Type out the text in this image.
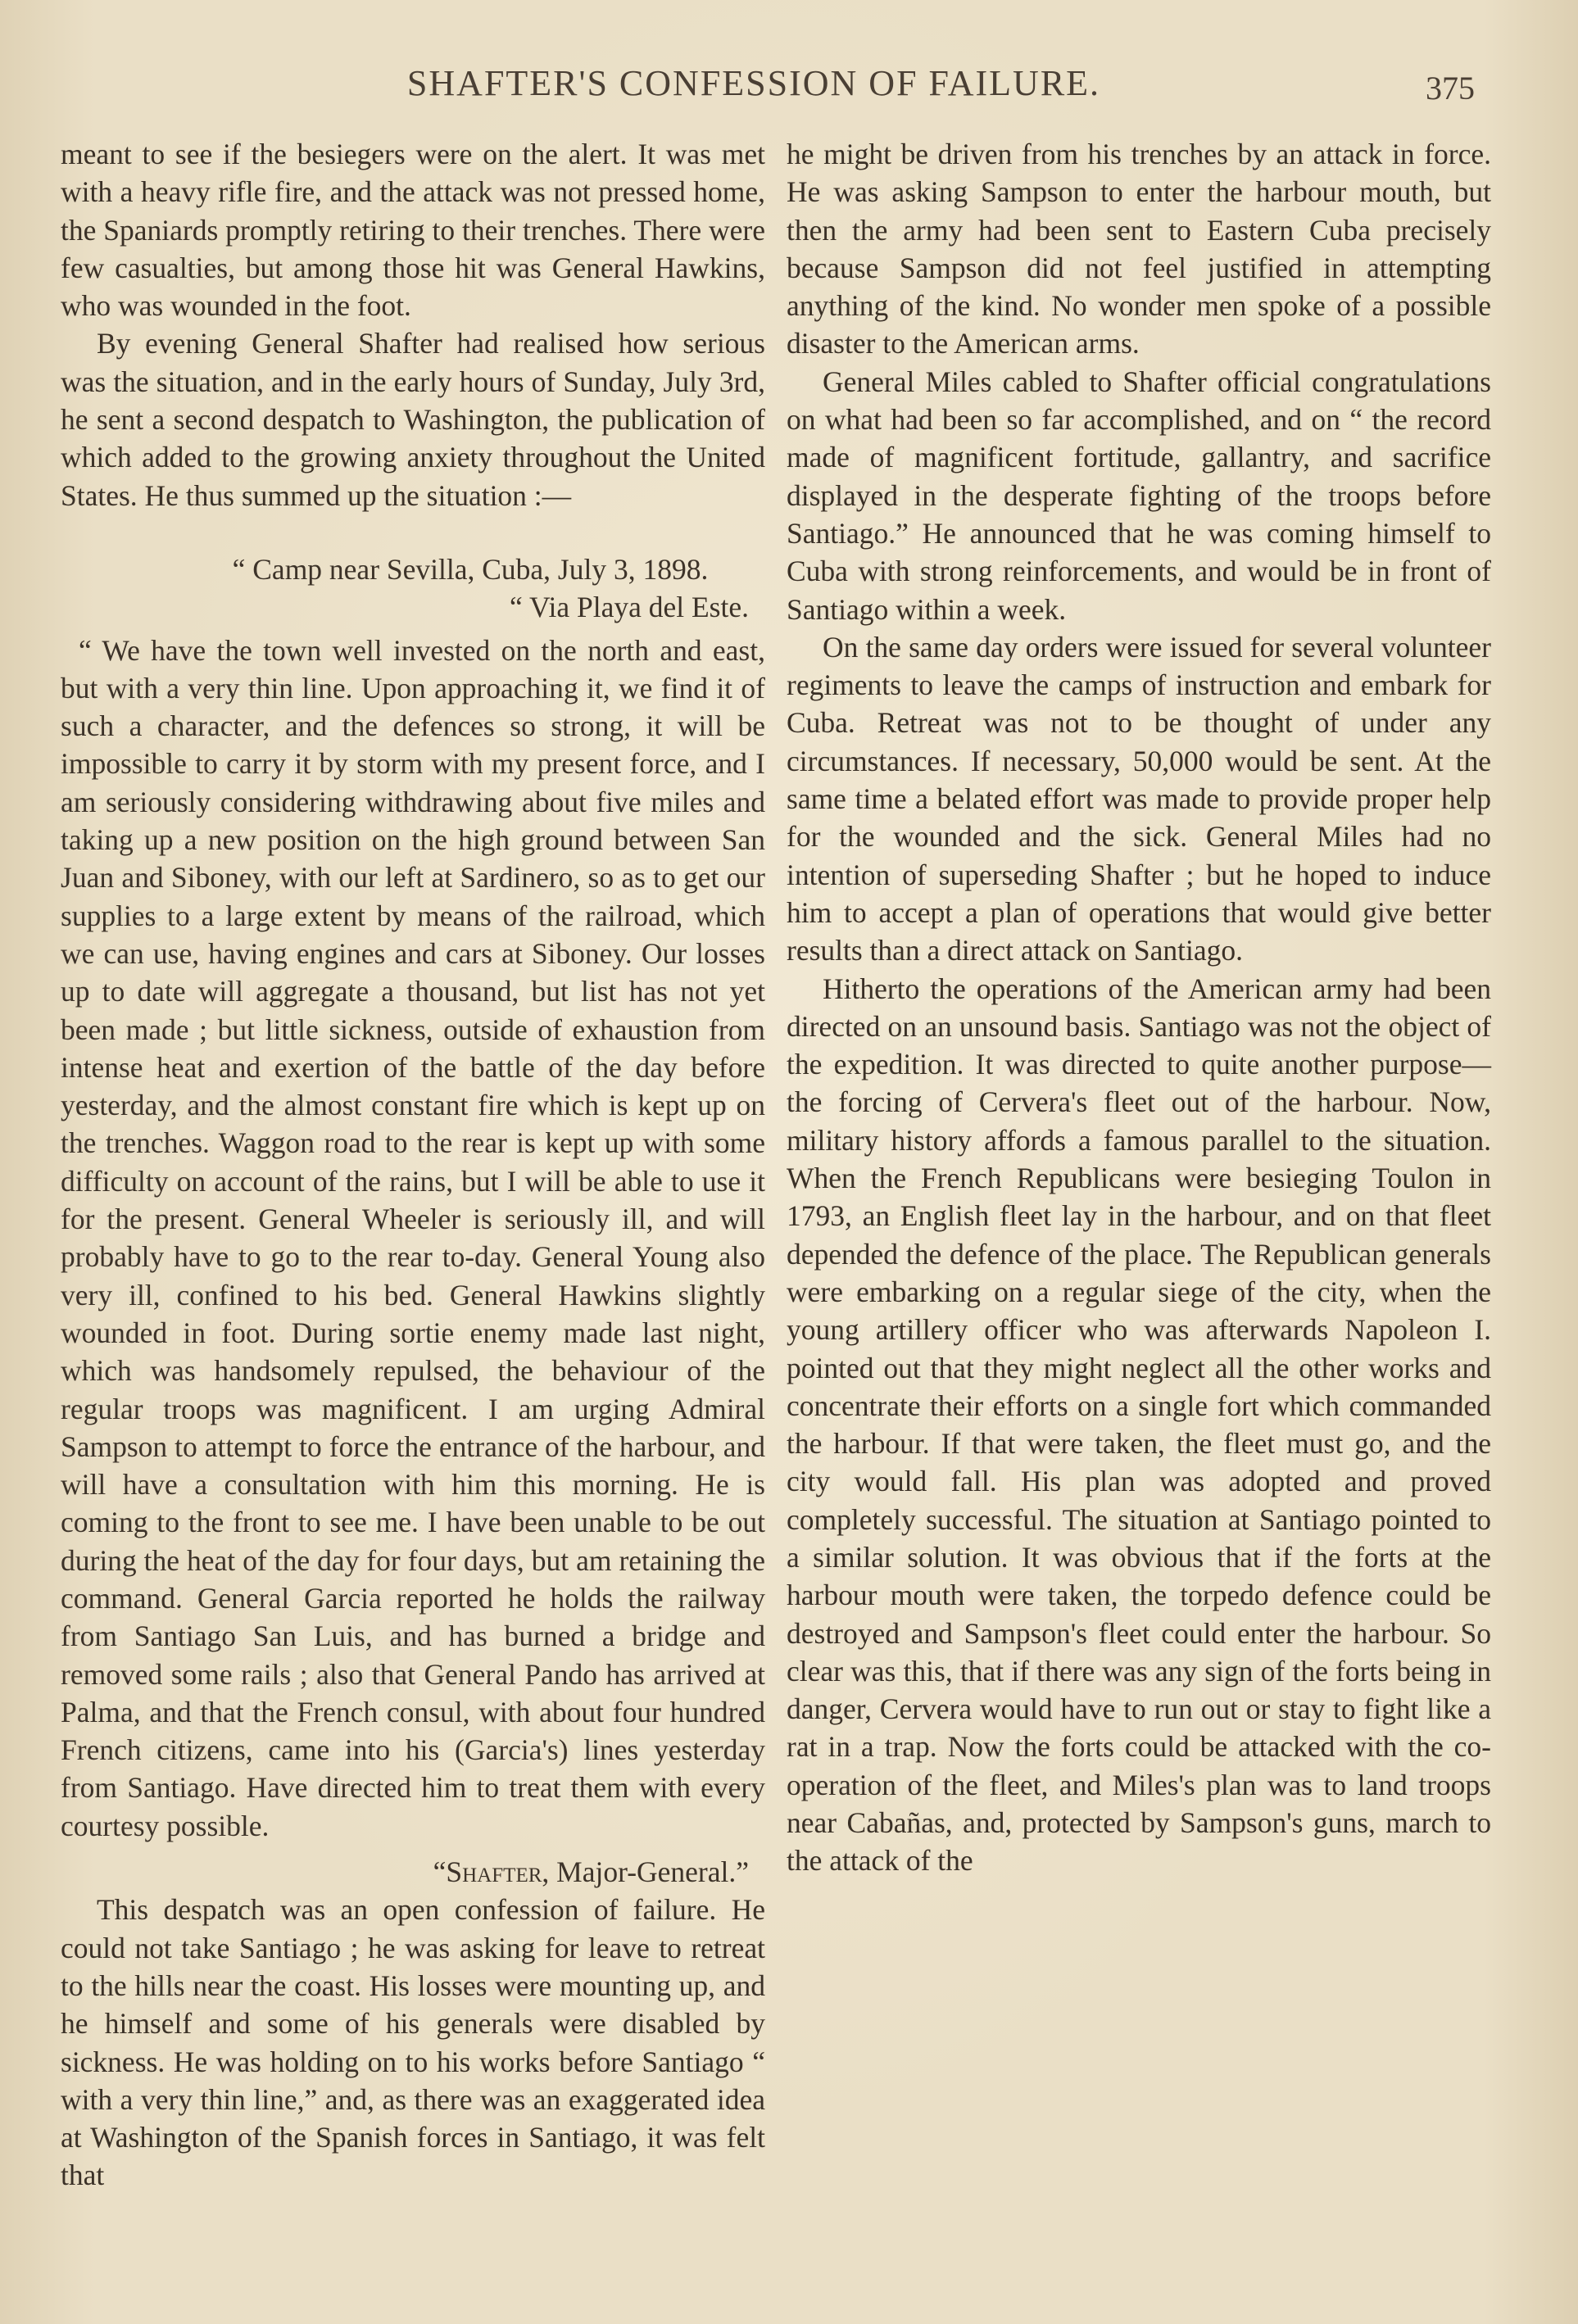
SHAFTER'S CONFESSION OF FAILURE.	375

meant to see if the besiegers were on the alert. It was met with a heavy rifle fire, and the attack was not pressed home, the Spaniards promptly retiring to their trenches. There were few casualties, but among those hit was General Hawkins, who was wounded in the foot.

By evening General Shafter had realised how serious was the situation, and in the early hours of Sunday, July 3rd, he sent a second despatch to Washington, the publication of which added to the growing anxiety throughout the United States. He thus summed up the situation :—

“ Camp near Sevilla, Cuba, July 3, 1898.

“ Via Playa del Este.

“ We have the town well invested on the north and east, but with a very thin line. Upon approaching it, we find it of such a character, and the defences so strong, it will be impossible to carry it by storm with my present force, and I am seriously considering withdrawing about five miles and taking up a new position on the high ground between San Juan and Siboney, with our left at Sardinero, so as to get our supplies to a large extent by means of the railroad, which we can use, having engines and cars at Siboney. Our losses up to date will aggregate a thousand, but list has not yet been made ; but little sickness, outside of exhaustion from intense heat and exertion of the battle of the day before yesterday, and the almost constant fire which is kept up on the trenches. Waggon road to the rear is kept up with some difficulty on account of the rains, but I will be able to use it for the present. General Wheeler is seriously ill, and will probably have to go to the rear to-day. General Young also very ill, confined to his bed. General Hawkins slightly wounded in foot. During sortie enemy made last night, which was handsomely repulsed, the behaviour of the regular troops was magnificent. I am urging Admiral Sampson to attempt to force the entrance of the harbour, and will have a consultation with him this morning. He is coming to the front to see me. I have been unable to be out during the heat of the day for four days, but am retaining the command. General Garcia reported he holds the railway from Santiago San Luis, and has burned a bridge and removed some rails ; also that General Pando has arrived at Palma, and that the French consul, with about four hundred French citizens, came into his (Garcia's) lines yesterday from Santiago. Have directed him to treat them with every courtesy possible.

“Shafter, Major-General.”

This despatch was an open confession of failure. He could not take Santiago ; he was asking for leave to retreat to the hills near the coast. His losses were mounting up, and he himself and some of his generals were disabled by sickness. He was holding on to his works before Santiago “ with a very thin line,” and, as there was an exaggerated idea at Washington of the Spanish forces in Santiago, it was felt that

he might be driven from his trenches by an attack in force. He was asking Sampson to enter the harbour mouth, but then the army had been sent to Eastern Cuba precisely because Sampson did not feel justified in attempting anything of the kind. No wonder men spoke of a possible disaster to the American arms.

General Miles cabled to Shafter official congratulations on what had been so far accomplished, and on “ the record made of magnificent fortitude, gallantry, and sacrifice displayed in the desperate fighting of the troops before Santiago.” He announced that he was coming himself to Cuba with strong reinforcements, and would be in front of Santiago within a week.

On the same day orders were issued for several volunteer regiments to leave the camps of instruction and embark for Cuba. Retreat was not to be thought of under any circumstances. If necessary, 50,000 would be sent. At the same time a belated effort was made to provide proper help for the wounded and the sick. General Miles had no intention of superseding Shafter ; but he hoped to induce him to accept a plan of operations that would give better results than a direct attack on Santiago.

Hitherto the operations of the American army had been directed on an unsound basis. Santiago was not the object of the expedition. It was directed to quite another purpose—the forcing of Cervera's fleet out of the harbour. Now, military history affords a famous parallel to the situation. When the French Republicans were besieging Toulon in 1793, an English fleet lay in the harbour, and on that fleet depended the defence of the place. The Republican generals were embarking on a regular siege of the city, when the young artillery officer who was afterwards Napoleon I. pointed out that they might neglect all the other works and concentrate their efforts on a single fort which commanded the harbour. If that were taken, the fleet must go, and the city would fall. His plan was adopted and proved completely successful. The situation at Santiago pointed to a similar solution. It was obvious that if the forts at the harbour mouth were taken, the torpedo defence could be destroyed and Sampson's fleet could enter the harbour. So clear was this, that if there was any sign of the forts being in danger, Cervera would have to run out or stay to fight like a rat in a trap. Now the forts could be attacked with the co-operation of the fleet, and Miles's plan was to land troops near Cabañas, and, protected by Sampson's guns, march to the attack of the
